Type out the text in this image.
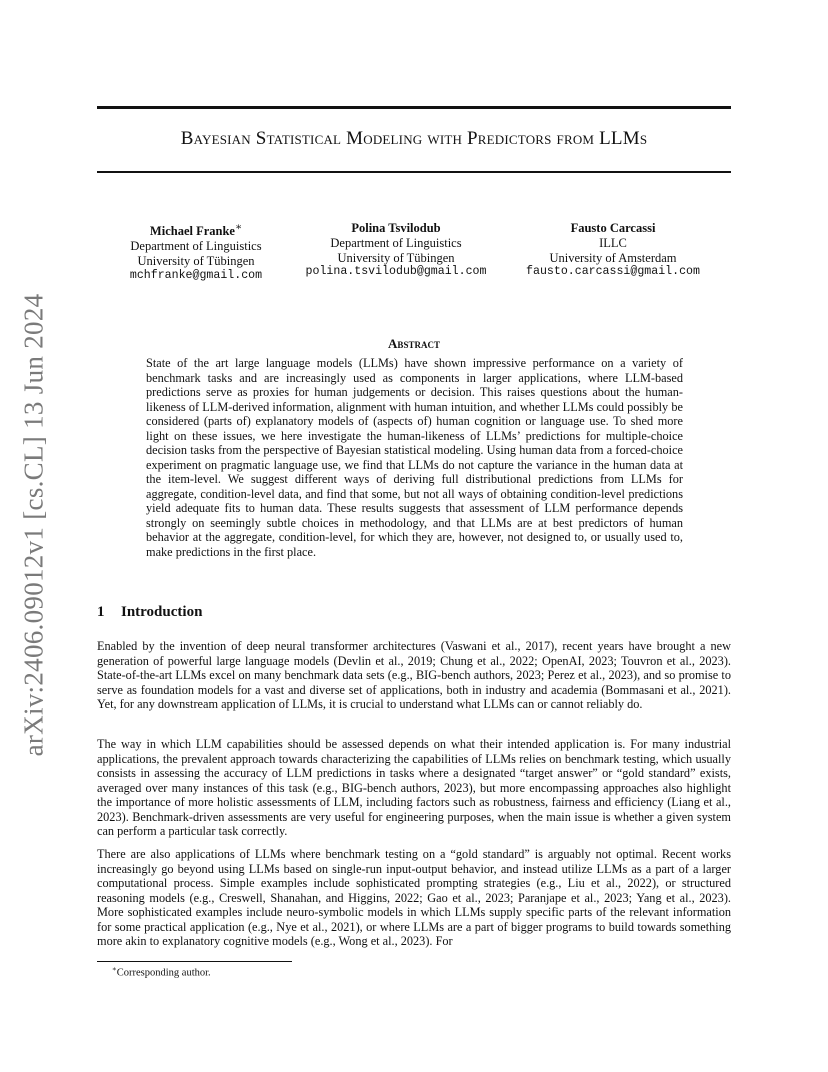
arXiv:2406.09012v1 [cs.CL] 13 Jun 2024
Bayesian Statistical Modeling with Predictors from LLMs
Michael Franke∗
Department of Linguistics
University of Tübingen
mchfranke@gmail.com
Polina Tsvilodub
Department of Linguistics
University of Tübingen
polina.tsvilodub@gmail.com
Fausto Carcassi
ILLC
University of Amsterdam
fausto.carcassi@gmail.com
Abstract

State of the art large language models (LLMs) have shown impressive performance on a variety of benchmark tasks and are increasingly used as components in larger applications, where LLM-based predictions serve as proxies for human judgements or decision. This raises questions about the human-likeness of LLM-derived information, alignment with human intuition, and whether LLMs could possibly be considered (parts of) explanatory models of (aspects of) human cognition or language use. To shed more light on these issues, we here investigate the human-likeness of LLMs’ predictions for multiple-choice decision tasks from the perspective of Bayesian statistical modeling. Using human data from a forced-choice experiment on pragmatic language use, we find that LLMs do not capture the variance in the human data at the item-level. We suggest different ways of deriving full distributional predictions from LLMs for aggregate, condition-level data, and find that some, but not all ways of obtaining condition-level predictions yield adequate fits to human data. These results suggests that assessment of LLM performance depends strongly on seemingly subtle choices in methodology, and that LLMs are at best predictors of human behavior at the aggregate, condition-level, for which they are, however, not designed to, or usually used to, make predictions in the first place.

1 Introduction

Enabled by the invention of deep neural transformer architectures (Vaswani et al., 2017), recent years have brought a new generation of powerful large language models (Devlin et al., 2019; Chung et al., 2022; OpenAI, 2023; Touvron et al., 2023). State-of-the-art LLMs excel on many benchmark data sets (e.g., BIG-bench authors, 2023; Perez et al., 2023), and so promise to serve as foundation models for a vast and diverse set of applications, both in industry and academia (Bommasani et al., 2021). Yet, for any downstream application of LLMs, it is crucial to understand what LLMs can or cannot reliably do.

The way in which LLM capabilities should be assessed depends on what their intended application is. For many industrial applications, the prevalent approach towards characterizing the capabilities of LLMs relies on benchmark testing, which usually consists in assessing the accuracy of LLM predictions in tasks where a designated “target answer” or “gold standard” exists, averaged over many instances of this task (e.g., BIG-bench authors, 2023), but more encompassing approaches also highlight the importance of more holistic assessments of LLM, including factors such as robustness, fairness and efficiency (Liang et al., 2023). Benchmark-driven assessments are very useful for engineering purposes, when the main issue is whether a given system can perform a particular task correctly.

There are also applications of LLMs where benchmark testing on a “gold standard” is arguably not optimal. Recent works increasingly go beyond using LLMs based on single-run input-output behavior, and instead utilize LLMs as a part of a larger computational process. Simple examples include sophisticated prompting strategies (e.g., Liu et al., 2022), or structured reasoning models (e.g., Creswell, Shanahan, and Higgins, 2022; Gao et al., 2023; Paranjape et al., 2023; Yang et al., 2023). More sophisticated examples include neuro-symbolic models in which LLMs supply specific parts of the relevant information for some practical application (e.g., Nye et al., 2021), or where LLMs are a part of bigger programs to build towards something more akin to explanatory cognitive models (e.g., Wong et al., 2023). For

∗Corresponding author.
